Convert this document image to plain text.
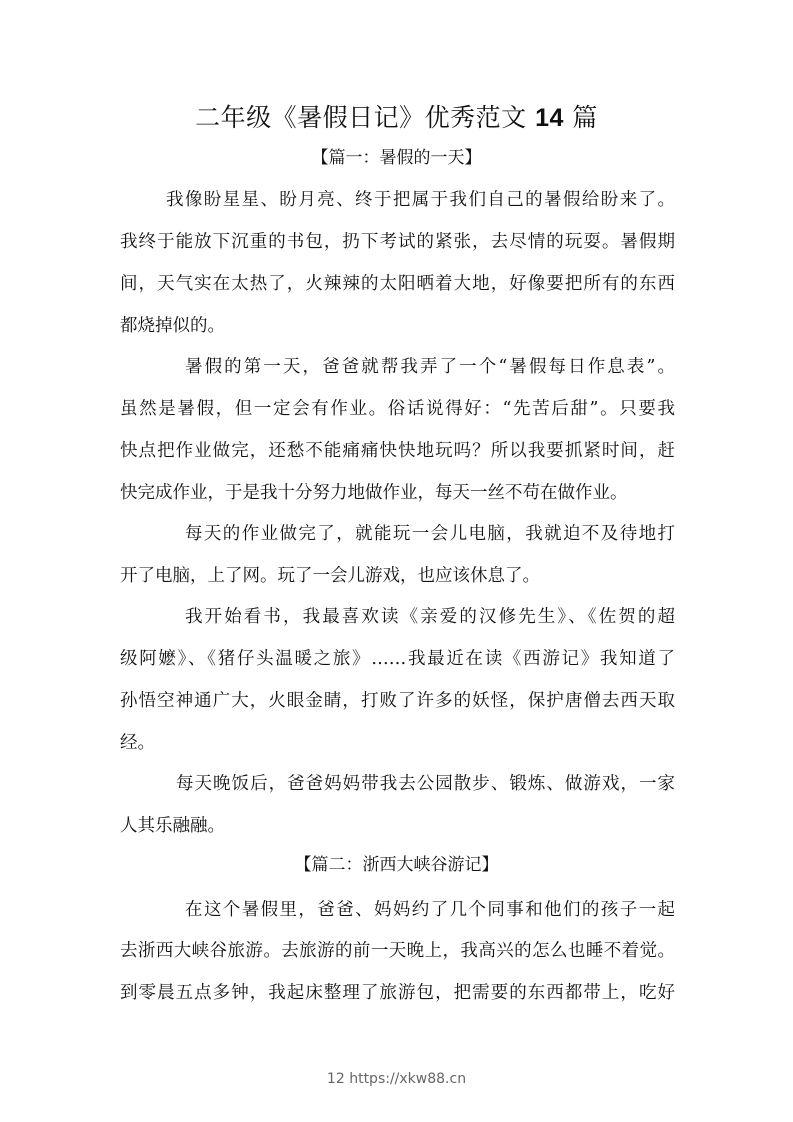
二年级《暑假日记》优秀范文 14 篇
【篇一：暑假的一天】
我像盼星星、盼月亮、终于把属于我们自己的暑假给盼来了。
我终于能放下沉重的书包，扔下考试的紧张，去尽情的玩耍。暑假期
间，天气实在太热了，火辣辣的太阳晒着大地，好像要把所有的东西
都烧掉似的。
暑假的第一天，爸爸就帮我弄了一个“暑假每日作息表”。
虽然是暑假，但一定会有作业。俗话说得好：“先苦后甜”。只要我
快点把作业做完，还愁不能痛痛快快地玩吗？所以我要抓紧时间，赶
快完成作业，于是我十分努力地做作业，每天一丝不苟在做作业。
每天的作业做完了，就能玩一会儿电脑，我就迫不及待地打
开了电脑，上了网。玩了一会儿游戏，也应该休息了。
我开始看书，我最喜欢读《亲爱的汉修先生》、《佐贺的超
级阿嬷》、《猪仔头温暖之旅》……我最近在读《西游记》我知道了
孙悟空神通广大，火眼金睛，打败了许多的妖怪，保护唐僧去西天取
经。
每天晚饭后，爸爸妈妈带我去公园散步、锻炼、做游戏，一家
人其乐融融。
【篇二：浙西大峡谷游记】
在这个暑假里，爸爸、妈妈约了几个同事和他们的孩子一起
去浙西大峡谷旅游。去旅游的前一天晚上，我高兴的怎么也睡不着觉。
到零晨五点多钟，我起床整理了旅游包，把需要的东西都带上，吃好
12 https://xkw88.cn
